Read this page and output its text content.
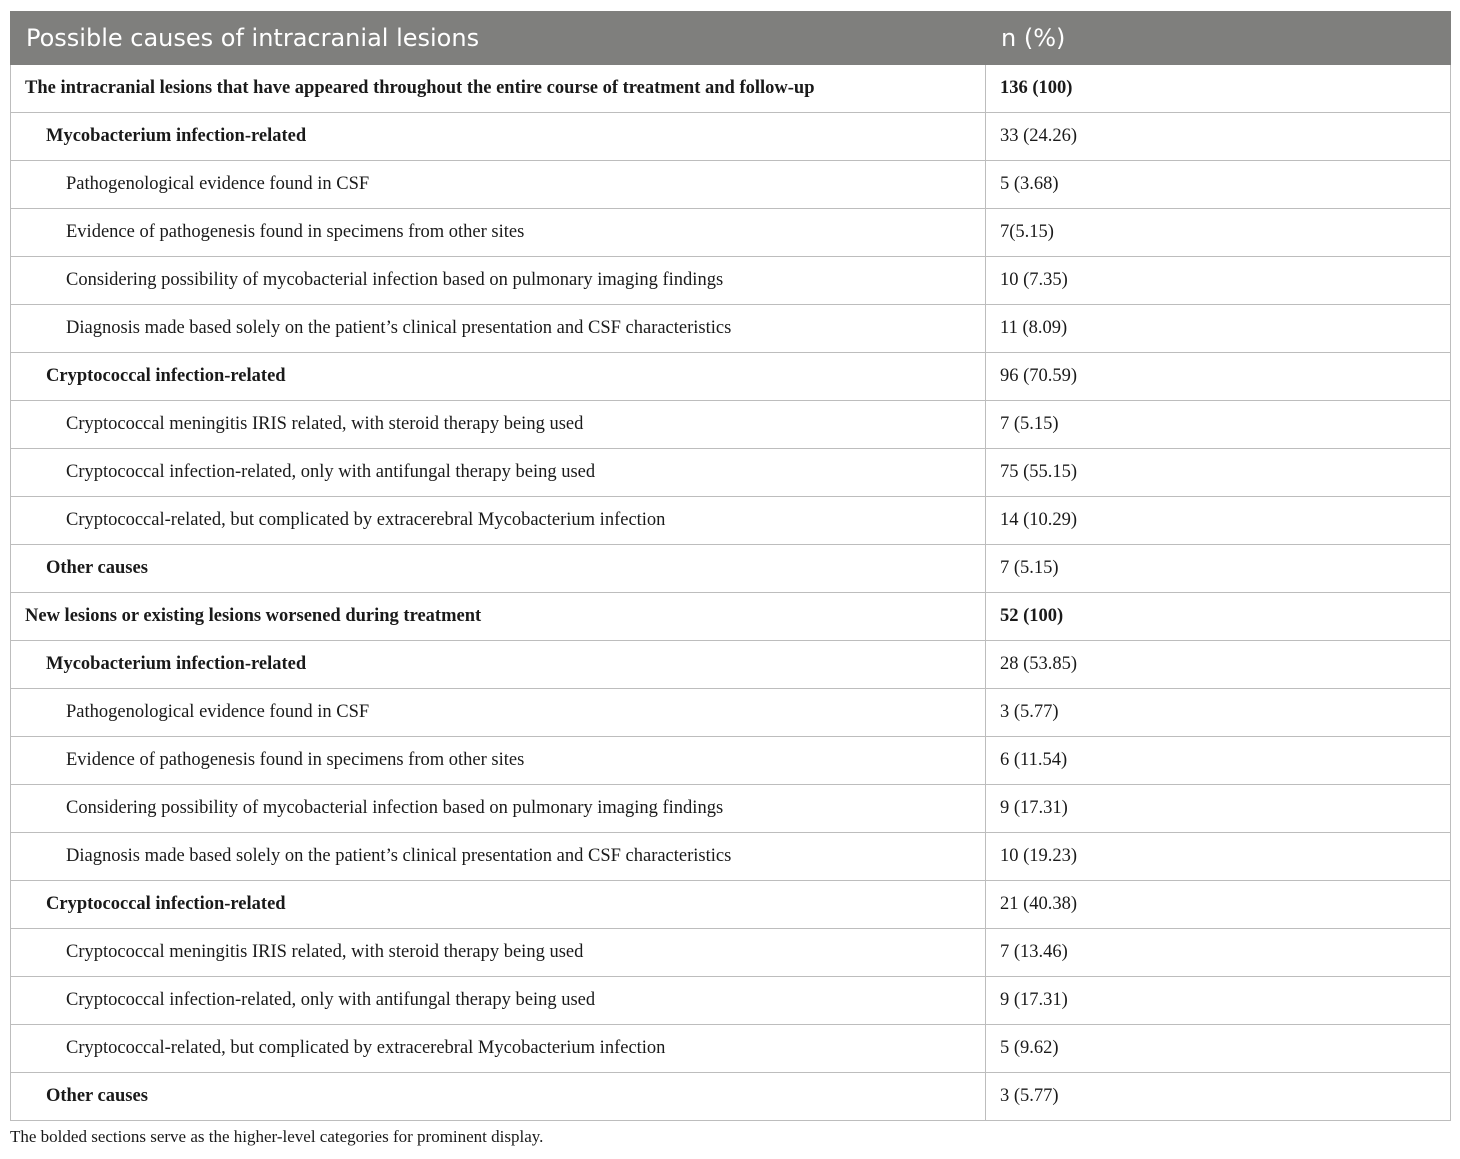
Possible causes of intracranial lesions	n (%)
The intracranial lesions that have appeared throughout the entire course of treatment and follow-up	136 (100)
Mycobacterium infection-related	33 (24.26)
Pathogenological evidence found in CSF	5 (3.68)
Evidence of pathogenesis found in specimens from other sites	7(5.15)
Considering possibility of mycobacterial infection based on pulmonary imaging findings	10 (7.35)
Diagnosis made based solely on the patient’s clinical presentation and CSF characteristics	11 (8.09)
Cryptococcal infection-related	96 (70.59)
Cryptococcal meningitis IRIS related, with steroid therapy being used	7 (5.15)
Cryptococcal infection-related, only with antifungal therapy being used	75 (55.15)
Cryptococcal-related, but complicated by extracerebral Mycobacterium infection	14 (10.29)
Other causes	7 (5.15)
New lesions or existing lesions worsened during treatment	52 (100)
Mycobacterium infection-related	28 (53.85)
Pathogenological evidence found in CSF	3 (5.77)
Evidence of pathogenesis found in specimens from other sites	6 (11.54)
Considering possibility of mycobacterial infection based on pulmonary imaging findings	9 (17.31)
Diagnosis made based solely on the patient’s clinical presentation and CSF characteristics	10 (19.23)
Cryptococcal infection-related	21 (40.38)
Cryptococcal meningitis IRIS related, with steroid therapy being used	7 (13.46)
Cryptococcal infection-related, only with antifungal therapy being used	9 (17.31)
Cryptococcal-related, but complicated by extracerebral Mycobacterium infection	5 (9.62)
Other causes	3 (5.77)
The bolded sections serve as the higher-level categories for prominent display.
